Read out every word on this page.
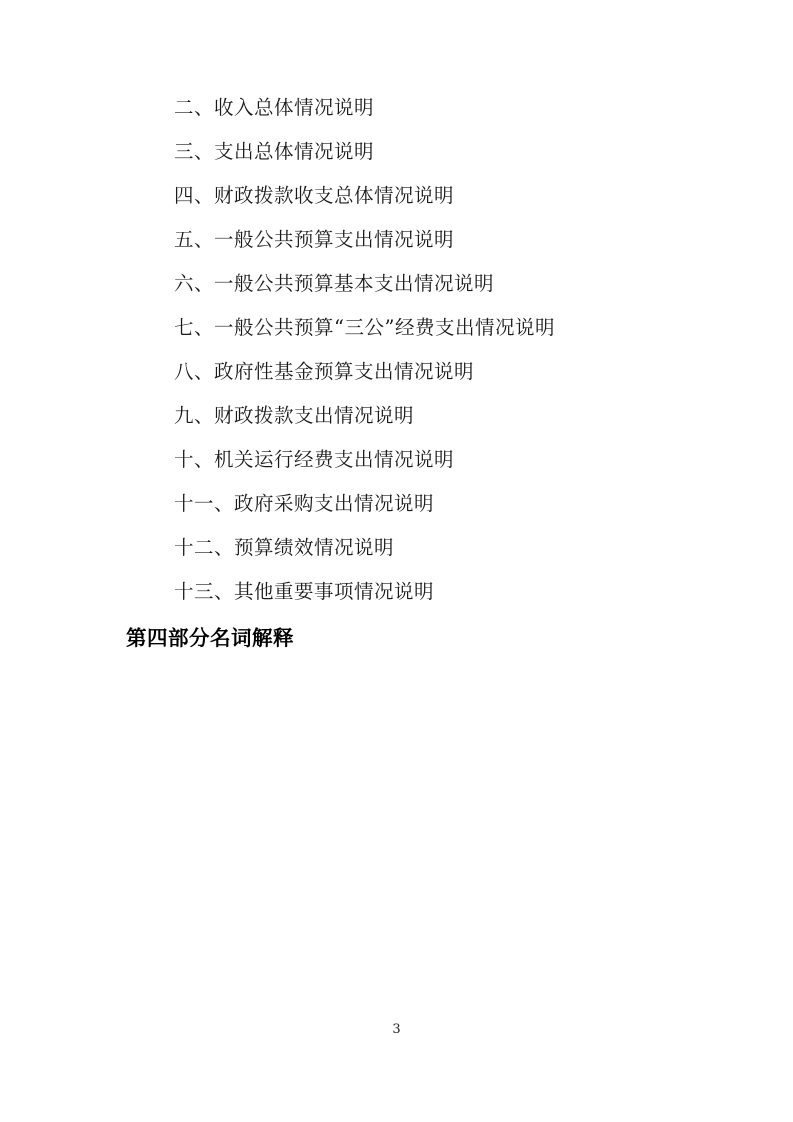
二、收入总体情况说明
三、支出总体情况说明
四、财政拨款收支总体情况说明
五、一般公共预算支出情况说明
六、一般公共预算基本支出情况说明
七、一般公共预算“三公”经费支出情况说明
八、政府性基金预算支出情况说明
九、财政拨款支出情况说明
十、机关运行经费支出情况说明
十一、政府采购支出情况说明
十二、预算绩效情况说明
十三、其他重要事项情况说明
第四部分名词解释
3
